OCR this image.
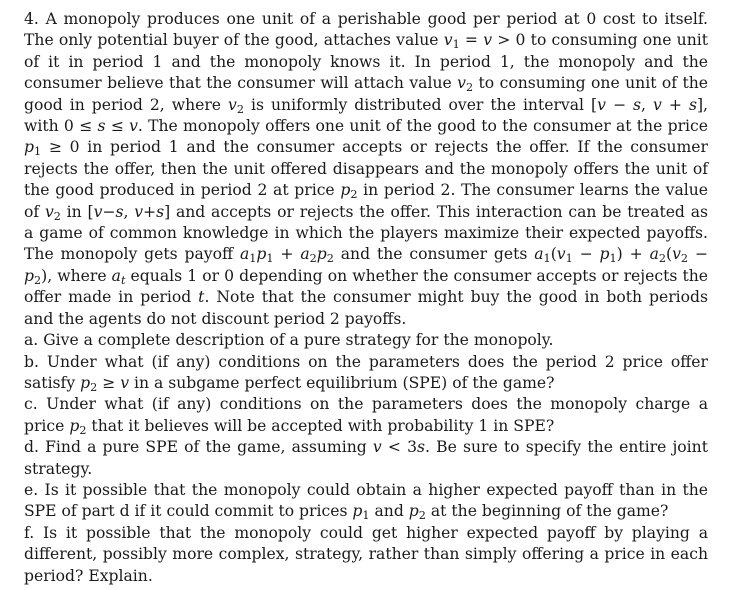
4. A monopoly produces one unit of a perishable good per period at 0 cost to itself. The only potential buyer of the good, attaches value $v_1 = v > 0$ to consuming one unit of it in period 1 and the monopoly knows it. In period 1, the monopoly and the consumer believe that the consumer will attach value $v_2$ to consuming one unit of the good in period 2, where $v_2$ is uniformly distributed over the interval [v − s, v + s], with 0 ≤ s ≤ v. The monopoly offers one unit of the good to the consumer at the price $p_1 \ge 0$ in period 1 and the consumer accepts or rejects the offer. If the consumer rejects the offer, then the unit offered disappears and the monopoly offers the unit of the good produced in period 2 at price $p_2$ in period 2. The consumer learns the value of $v_2$ in [v−s, v+s] and accepts or rejects the offer. This interaction can be treated as a game of common knowledge in which the players maximize their expected payoffs. The monopoly gets payoff $a_1p_1 + a_2p_2$ and the consumer gets $a_1(v_1 - p_1) + a_2(v_2 - p_2)$, where $a_t$ equals 1 or 0 depending on whether the consumer accepts or rejects the offer made in period t. Note that the consumer might buy the good in both periods and the agents do not discount period 2 payoffs.

a. Give a complete description of a pure strategy for the monopoly.

b. Under what (if any) conditions on the parameters does the period 2 price offer satisfy $p_2 \ge v$ in a subgame perfect equilibrium (SPE) of the game?

c. Under what (if any) conditions on the parameters does the monopoly charge a price $p_2$ that it believes will be accepted with probability 1 in SPE?

d. Find a pure SPE of the game, assuming v < 3s. Be sure to specify the entire joint strategy.

e. Is it possible that the monopoly could obtain a higher expected payoff than in the SPE of part d if it could commit to prices $p_1$ and $p_2$ at the beginning of the game?

f. Is it possible that the monopoly could get higher expected payoff by playing a different, possibly more complex, strategy, rather than simply offering a price in each period? Explain.
